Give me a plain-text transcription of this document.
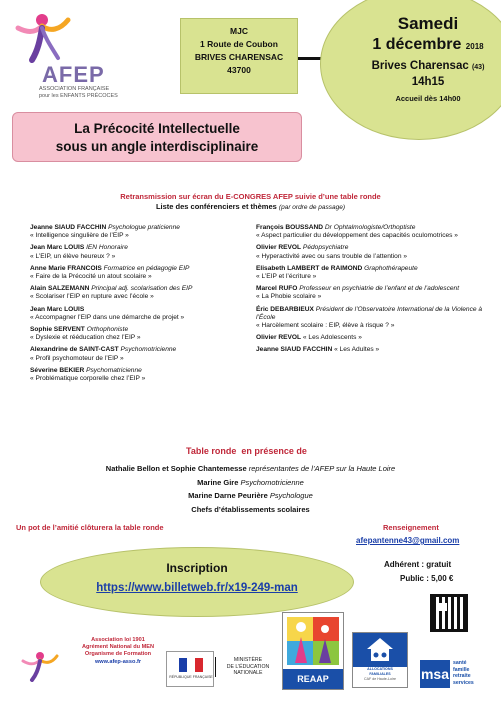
AFEP
ASSOCIATION FRANÇAISE
pour les ENFANTS PRÉCOCES
MJC
1 Route de Coubon
BRIVES CHARENSAC
43700
Samedi
1 décembre 2018
Brives Charensac (43)
14h15
Accueil dès 14h00
La Précocité Intellectuelle
sous un angle interdisciplinaire
Retransmission sur écran du E-CONGRES AFEP suivie d’une table ronde
Liste des conférenciers et thèmes (par ordre de passage)
Jeanne SIAUD FACCHIN Psychologue praticienne
« Intelligence singulière de l’EIP »
Jean Marc LOUIS IEN Honoraire
« L’EIP, un élève heureux ? »
Anne Marie FRANCOIS Formatrice en pédagogie EIP
« Faire de la Précocité un atout scolaire »
Alain SALZEMANN Principal adj. scolarisation des EIP
« Scolariser l’EIP en rupture avec l’école »
Jean Marc LOUIS
« Accompagner l’EIP dans une démarche de projet »
Sophie SERVENT Orthophoniste
« Dyslexie et rééducation chez l’EIP »
Alexandrine de SAINT-CAST Psychomotricienne
« Profil psychomoteur de l’EIP »
Séverine BEKIER Psychomatricienne
« Problématique corporelle chez l’EIP »
François BOUSSAND Dr Ophtalmologiste/Orthoptiste
« Aspect particulier du développement des capacités oculomotrices »
Olivier REVOL Pédopsychiatre
« Hyperactivité avec ou sans trouble de l’attention »
Elisabeth LAMBERT de RAIMOND Graphothérapeute
« L’EIP et l’écriture »
Marcel RUFO Professeur en psychiatrie de l’enfant et de l’adolescent
« La Phobie scolaire »
Éric DEBARBIEUX Président de l’Observatoire International de la Violence à l’École
« Harcèlement scolaire : EIP, élève à risque ? »
Olivier REVOL « Les Adolescents »
Jeanne SIAUD FACCHIN « Les Adultes »
Table ronde en présence de
Nathalie Bellon et Sophie Chantemesse représentantes de l’AFEP sur la Haute Loire
Marine Gire Psychomotricienne
Marine Darne Peurière Psychologue
Chefs d’établissements scolaires
Un pot de l’amitié clôturera la table ronde	Renseignement
afepantenne43@gmail.com
Adhérent : gratuit
Public : 5,00 €
Inscription
https://www.billetweb.fr/x19-249-man
Association loi 1901
Agrément National du MEN
Organisme de Formation
www.afep-asso.fr
RÉPUBLIQUE FRANÇAISE
MINISTÈRE
DE L’ÉDUCATION
NATIONALE
REAAP
ALLOCATIONS
FAMILIALES
CAF de Haute-Loire	msa
santé
famille
retraite
services
